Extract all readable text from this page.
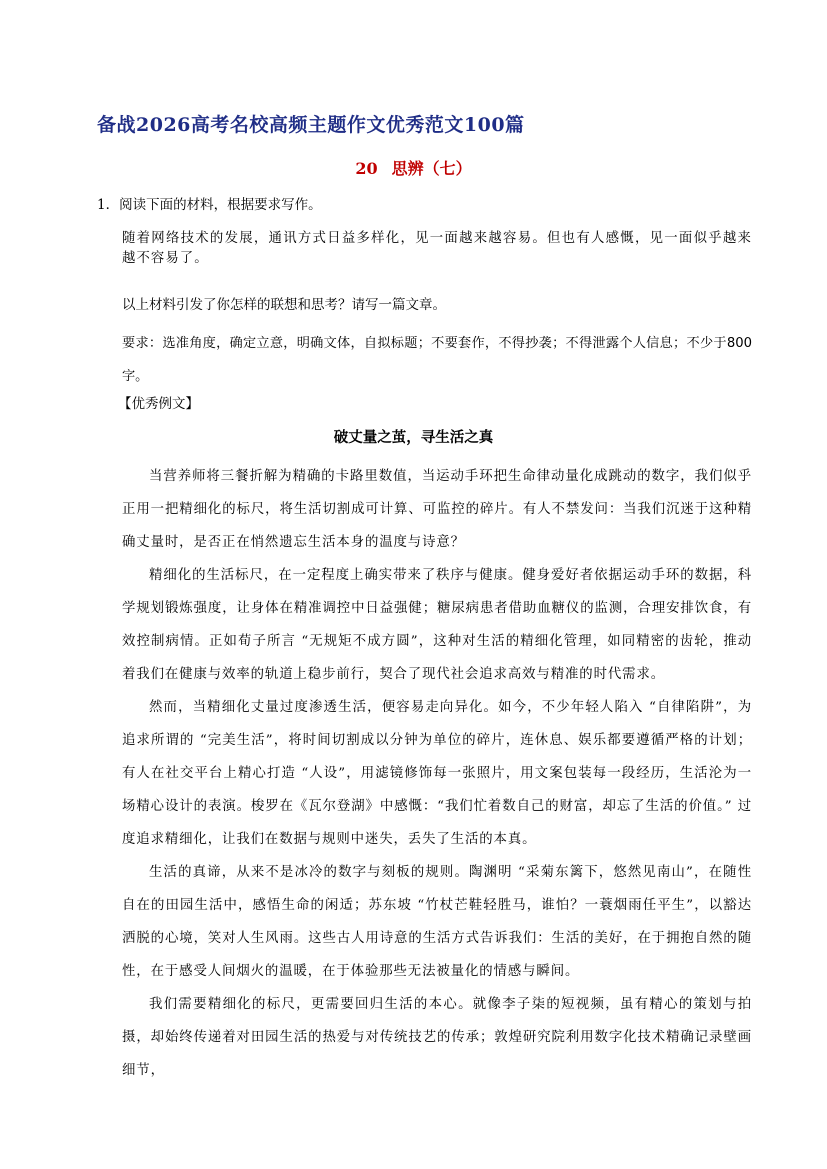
备战2026高考名校高频主题作文优秀范文100篇
20 思辨（七）
1．阅读下面的材料，根据要求写作。
随着网络技术的发展，通讯方式日益多样化，见一面越来越容易。但也有人感慨，见一面似乎越来越不容易了。
以上材料引发了你怎样的联想和思考？请写一篇文章。
要求：选准角度，确定立意，明确文体，自拟标题；不要套作，不得抄袭；不得泄露个人信息；不少于800字。
【优秀例文】
破丈量之茧，寻生活之真
当营养师将三餐折解为精确的卡路里数值，当运动手环把生命律动量化成跳动的数字，我们似乎正用一把精细化的标尺，将生活切割成可计算、可监控的碎片。有人不禁发问：当我们沉迷于这种精确丈量时，是否正在悄然遗忘生活本身的温度与诗意？
精细化的生活标尺，在一定程度上确实带来了秩序与健康。健身爱好者依据运动手环的数据，科学规划锻炼强度，让身体在精准调控中日益强健；糖尿病患者借助血糖仪的监测，合理安排饮食，有效控制病情。正如荀子所言 “无规矩不成方圆”，这种对生活的精细化管理，如同精密的齿轮，推动着我们在健康与效率的轨道上稳步前行，契合了现代社会追求高效与精准的时代需求。
然而，当精细化丈量过度渗透生活，便容易走向异化。如今，不少年轻人陷入 “自律陷阱”，为追求所谓的 “完美生活”，将时间切割成以分钟为单位的碎片，连休息、娱乐都要遵循严格的计划；有人在社交平台上精心打造 “人设”，用滤镜修饰每一张照片，用文案包装每一段经历，生活沦为一场精心设计的表演。梭罗在《瓦尔登湖》中感慨：“我们忙着数自己的财富，却忘了生活的价值。” 过度追求精细化，让我们在数据与规则中迷失，丢失了生活的本真。
生活的真谛，从来不是冰冷的数字与刻板的规则。陶渊明 “采菊东篱下，悠然见南山”，在随性自在的田园生活中，感悟生命的闲适；苏东坡 “竹杖芒鞋轻胜马，谁怕？一蓑烟雨任平生”，以豁达洒脱的心境，笑对人生风雨。这些古人用诗意的生活方式告诉我们：生活的美好，在于拥抱自然的随性，在于感受人间烟火的温暖，在于体验那些无法被量化的情感与瞬间。
我们需要精细化的标尺，更需要回归生活的本心。就像李子柒的短视频，虽有精心的策划与拍摄，却始终传递着对田园生活的热爱与对传统技艺的传承；敦煌研究院利用数字化技术精确记录壁画细节，
